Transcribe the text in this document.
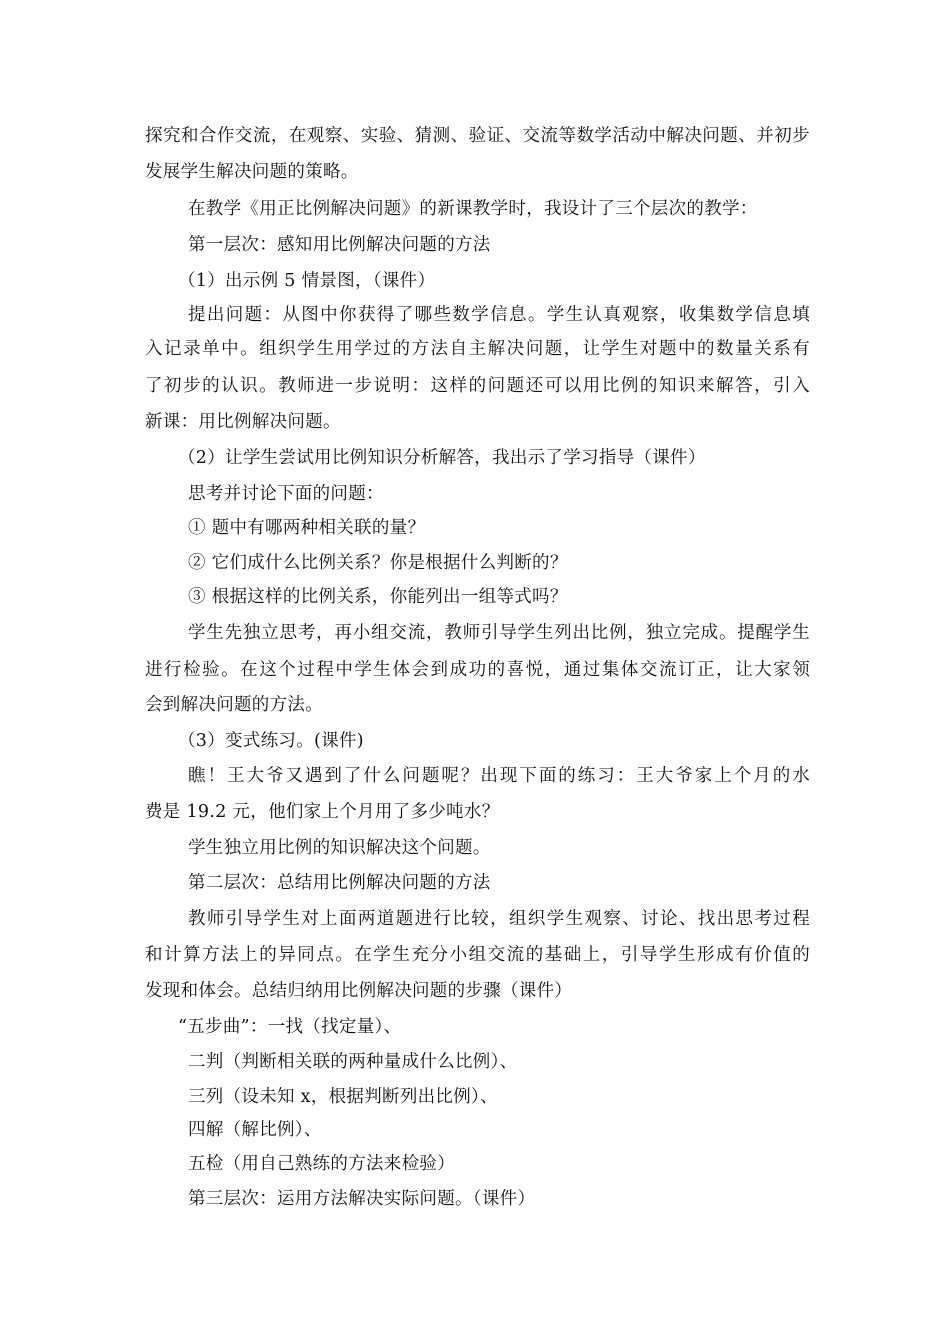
探究和合作交流，在观察、实验、猜测、验证、交流等数学活动中解决问题、并初步
发展学生解决问题的策略。
在教学《用正比例解决问题》的新课教学时，我设计了三个层次的教学：
第一层次：感知用比例解决问题的方法
（1）出示例 5 情景图，（课件）
提出问题：从图中你获得了哪些数学信息。学生认真观察，收集数学信息填
入记录单中。组织学生用学过的方法自主解决问题，让学生对题中的数量关系有
了初步的认识。教师进一步说明：这样的问题还可以用比例的知识来解答，引入
新课：用比例解决问题。
（2）让学生尝试用比例知识分析解答，我出示了学习指导（课件）
思考并讨论下面的问题：
① 题中有哪两种相关联的量？
② 它们成什么比例关系？你是根据什么判断的？
③ 根据这样的比例关系，你能列出一组等式吗？
学生先独立思考，再小组交流，教师引导学生列出比例，独立完成。提醒学生
进行检验。在这个过程中学生体会到成功的喜悦，通过集体交流订正，让大家领
会到解决问题的方法。
（3）变式练习。(课件)
瞧！王大爷又遇到了什么问题呢？出现下面的练习：王大爷家上个月的水
费是 19.2 元，他们家上个月用了多少吨水？
学生独立用比例的知识解决这个问题。
第二层次：总结用比例解决问题的方法
教师引导学生对上面两道题进行比较，组织学生观察、讨论、找出思考过程
和计算方法上的异同点。在学生充分小组交流的基础上，引导学生形成有价值的
发现和体会。总结归纳用比例解决问题的步骤（课件）
“五步曲”：一找（找定量）、
二判（判断相关联的两种量成什么比例）、
三列（设未知 x，根据判断列出比例）、
四解（解比例）、
五检（用自己熟练的方法来检验）
第三层次：运用方法解决实际问题。（课件）
